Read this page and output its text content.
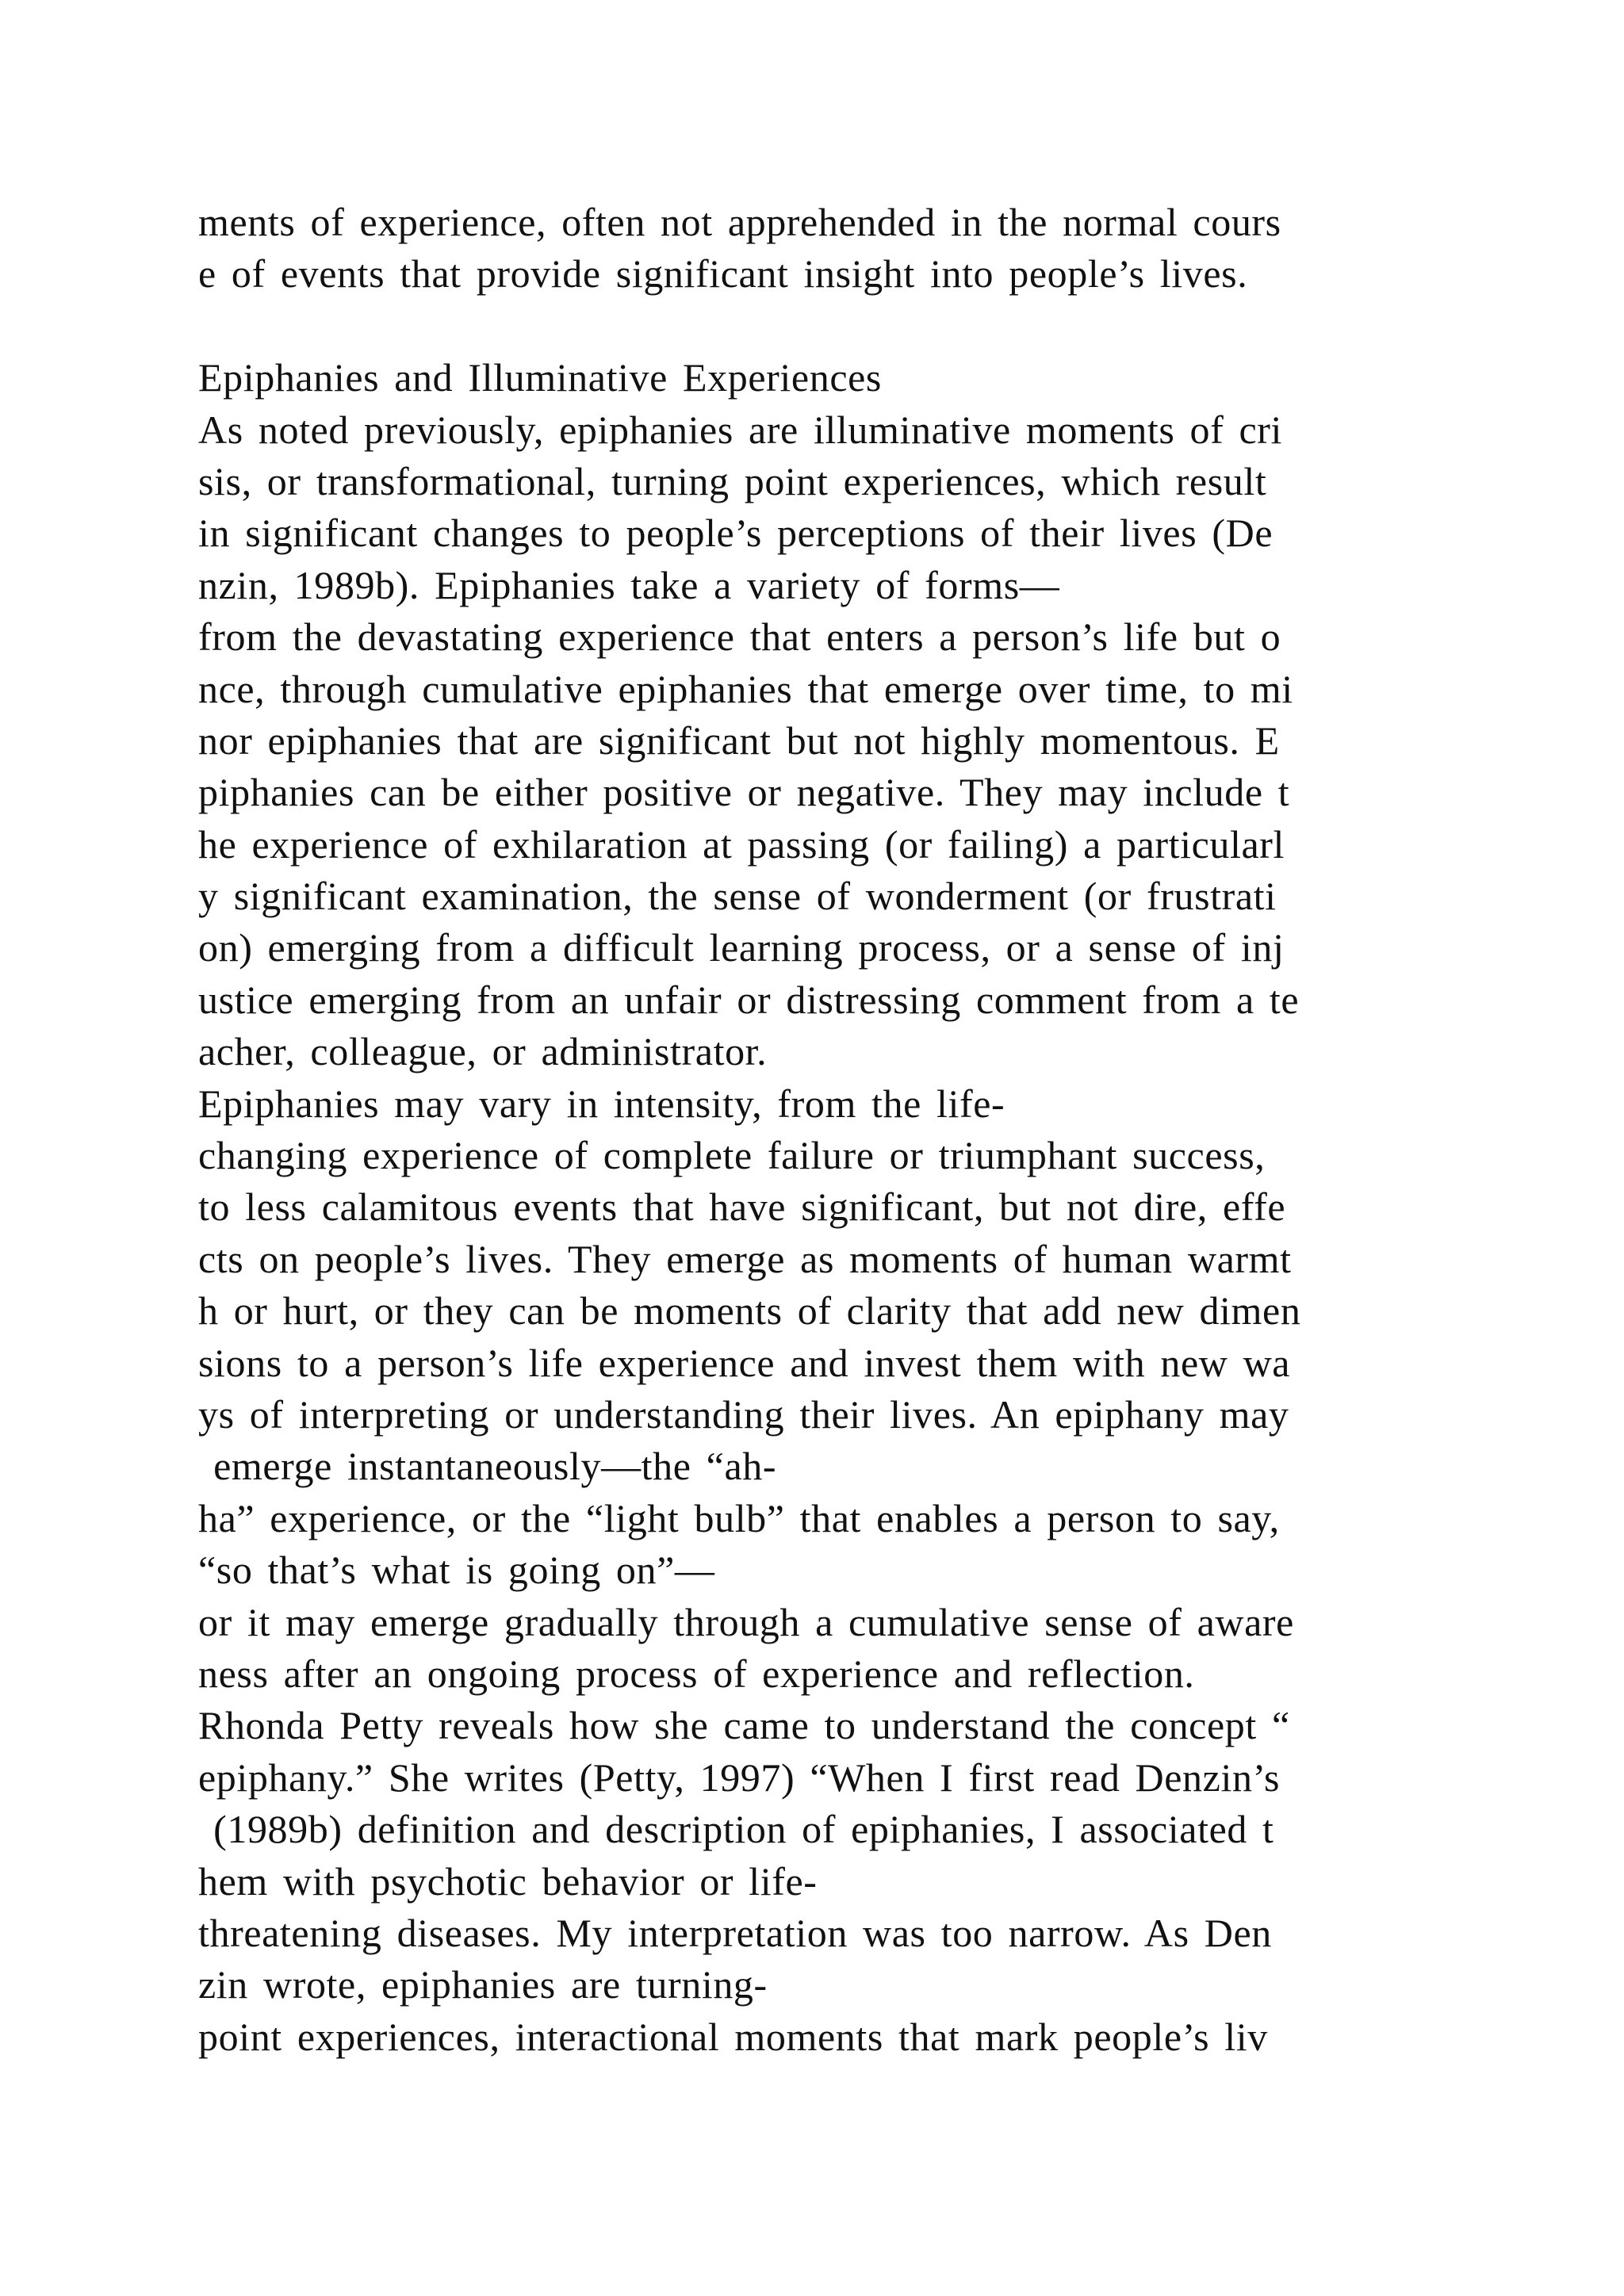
ments of experience, often not apprehended in the normal cours
e of events that provide significant insight into people’s lives.
Epiphanies and Illuminative Experiences
As noted previously, epiphanies are illuminative moments of cri
sis, or transformational, turning point experiences, which result
in significant changes to people’s perceptions of their lives (De
nzin, 1989b). Epiphanies take a variety of forms—
from the devastating experience that enters a person’s life but o
nce, through cumulative epiphanies that emerge over time, to mi
nor epiphanies that are significant but not highly momentous. E
piphanies can be either positive or negative. They may include t
he experience of exhilaration at passing (or failing) a particularl
y significant examination, the sense of wonderment (or frustrati
on) emerging from a difficult learning process, or a sense of inj
ustice emerging from an unfair or distressing comment from a te
acher, colleague, or administrator.
Epiphanies may vary in intensity, from the life-
changing experience of complete failure or triumphant success,
to less calamitous events that have significant, but not dire, effe
cts on people’s lives. They emerge as moments of human warmt
h or hurt, or they can be moments of clarity that add new dimen
sions to a person’s life experience and invest them with new wa
ys of interpreting or understanding their lives. An epiphany may
emerge instantaneously—the “ah-
ha” experience, or the “light bulb” that enables a person to say,
“so that’s what is going on”—
or it may emerge gradually through a cumulative sense of aware
ness after an ongoing process of experience and reflection.
Rhonda Petty reveals how she came to understand the concept “
epiphany.” She writes (Petty, 1997) “When I first read Denzin’s
(1989b) definition and description of epiphanies, I associated t
hem with psychotic behavior or life-
threatening diseases. My interpretation was too narrow. As Den
zin wrote, epiphanies are turning-
point experiences, interactional moments that mark people’s liv
